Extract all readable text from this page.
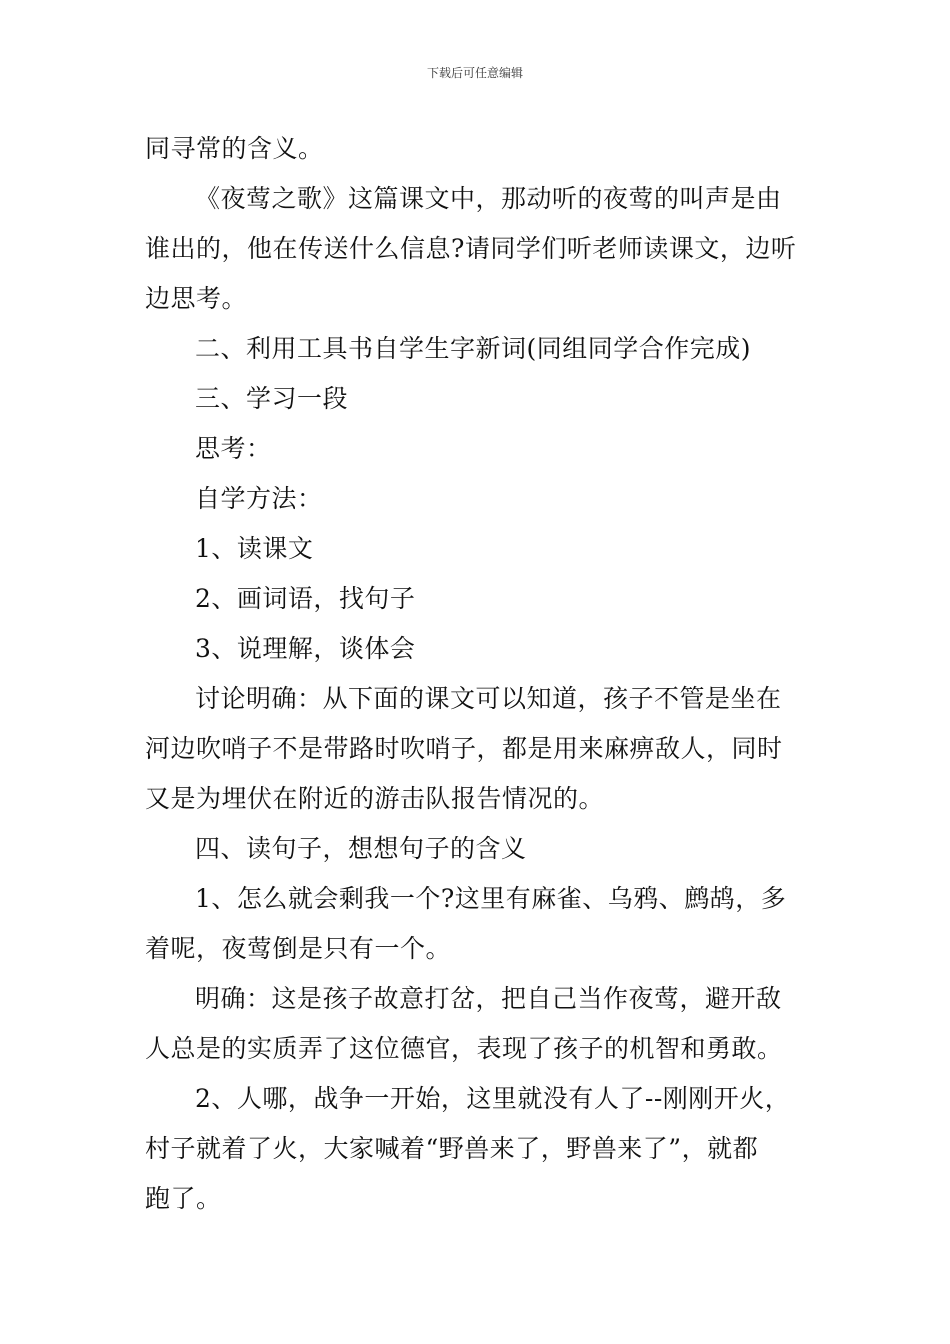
下载后可任意编辑
同寻常的含义。
《夜莺之歌》这篇课文中，那动听的夜莺的叫声是由
谁出的，他在传送什么信息?请同学们听老师读课文，边听
边思考。
二、利用工具书自学生字新词(同组同学合作完成)
三、学习一段
思考：
自学方法：
1、读课文
2、画词语，找句子
3、说理解，谈体会
讨论明确：从下面的课文可以知道，孩子不管是坐在
河边吹哨子不是带路时吹哨子，都是用来麻痹敌人，同时
又是为埋伏在附近的游击队报告情况的。
四、读句子，想想句子的含义
1、怎么就会剩我一个?这里有麻雀、乌鸦、鹧鸪，多
着呢，夜莺倒是只有一个。
明确：这是孩子故意打岔，把自己当作夜莺，避开敌
人总是的实质弄了这位德官，表现了孩子的机智和勇敢。
2、人哪，战争一开始，这里就没有人了--刚刚开火，
村子就着了火，大家喊着“野兽来了，野兽来了”，就都
跑了。
